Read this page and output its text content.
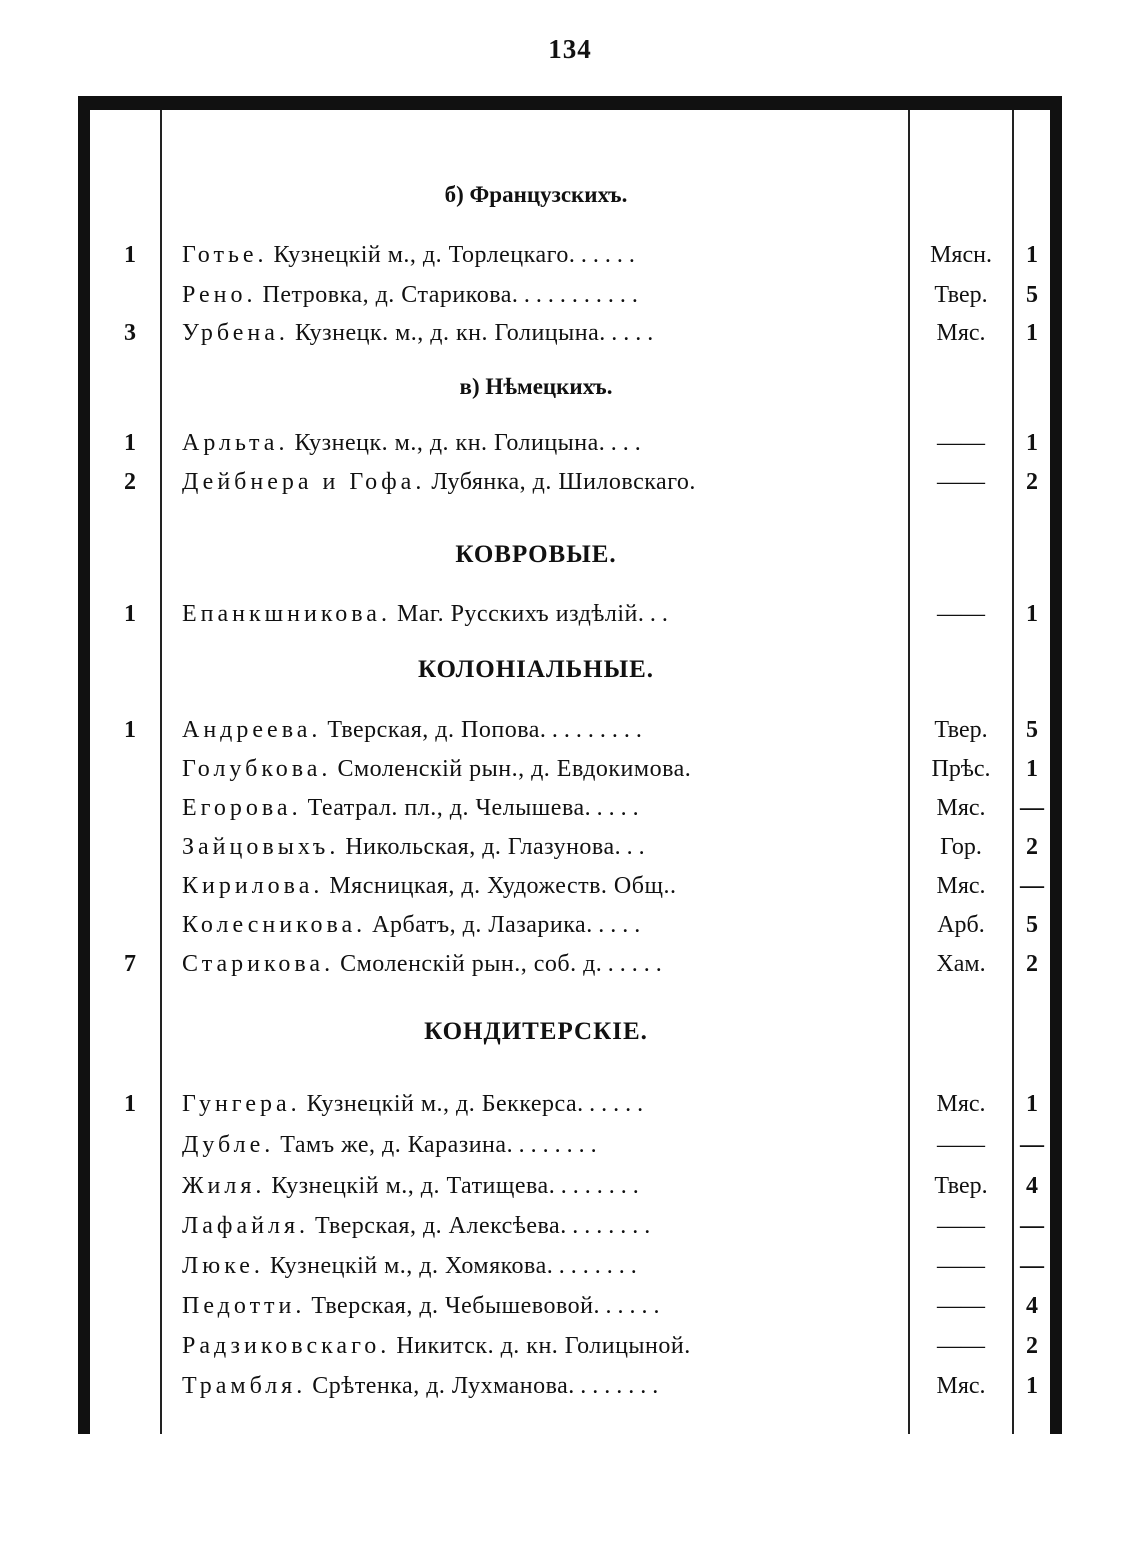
134
б) Французскихъ.
1	Готье. Кузнецкій м., д. Торлецкаго......	Мясн.	1
Рено. Петровка, д. Старикова...........	Твер.	5
3	Урбена. Кузнецк. м., д. кн. Голицына.....	Мяс.	1
в) Нѣмецкихъ.
1	Арльта. Кузнецк. м., д. кн. Голицына....	——	1
2	Дейбнера и Гофа. Лубянка, д. Шиловскаго.	——	2
КОВРОВЫЕ.
1	Епанкшникова. Маг. Русскихъ издѣлій...	——	1
КОЛОНІАЛЬНЫЕ.
1	Андреева. Тверская, д. Попова.........	Твер.	5
Голубкова. Смоленскій рын., д. Евдокимова.	Прѣс.	1
Егорова. Театрал. пл., д. Челышева.....	Мяс.	—
Зайцовыхъ. Никольская, д. Глазунова...	Гор.	2
Кирилова. Мясницкая, д. Художеств. Общ..	Мяс.	—
Колесникова. Арбатъ, д. Лазарика.....	Арб.	5
7	Старикова. Смоленскій рын., соб. д......	Хам.	2
КОНДИТЕРСКІЕ.
1	Гунгера. Кузнецкій м., д. Беккерса......	Мяс.	1
Дубле. Тамъ же, д. Каразина........	——	—
Жиля. Кузнецкій м., д. Татищева........	Твер.	4
Лафайля. Тверская, д. Алексѣева........	——	—
Люке. Кузнецкій м., д. Хомякова........	——	—
Педотти. Тверская, д. Чебышевовой......	——	4
Радзиковскаго. Никитск. д. кн. Голицыной.	——	2
Трамбля. Срѣтенка, д. Лухманова........	Мяс.	1
